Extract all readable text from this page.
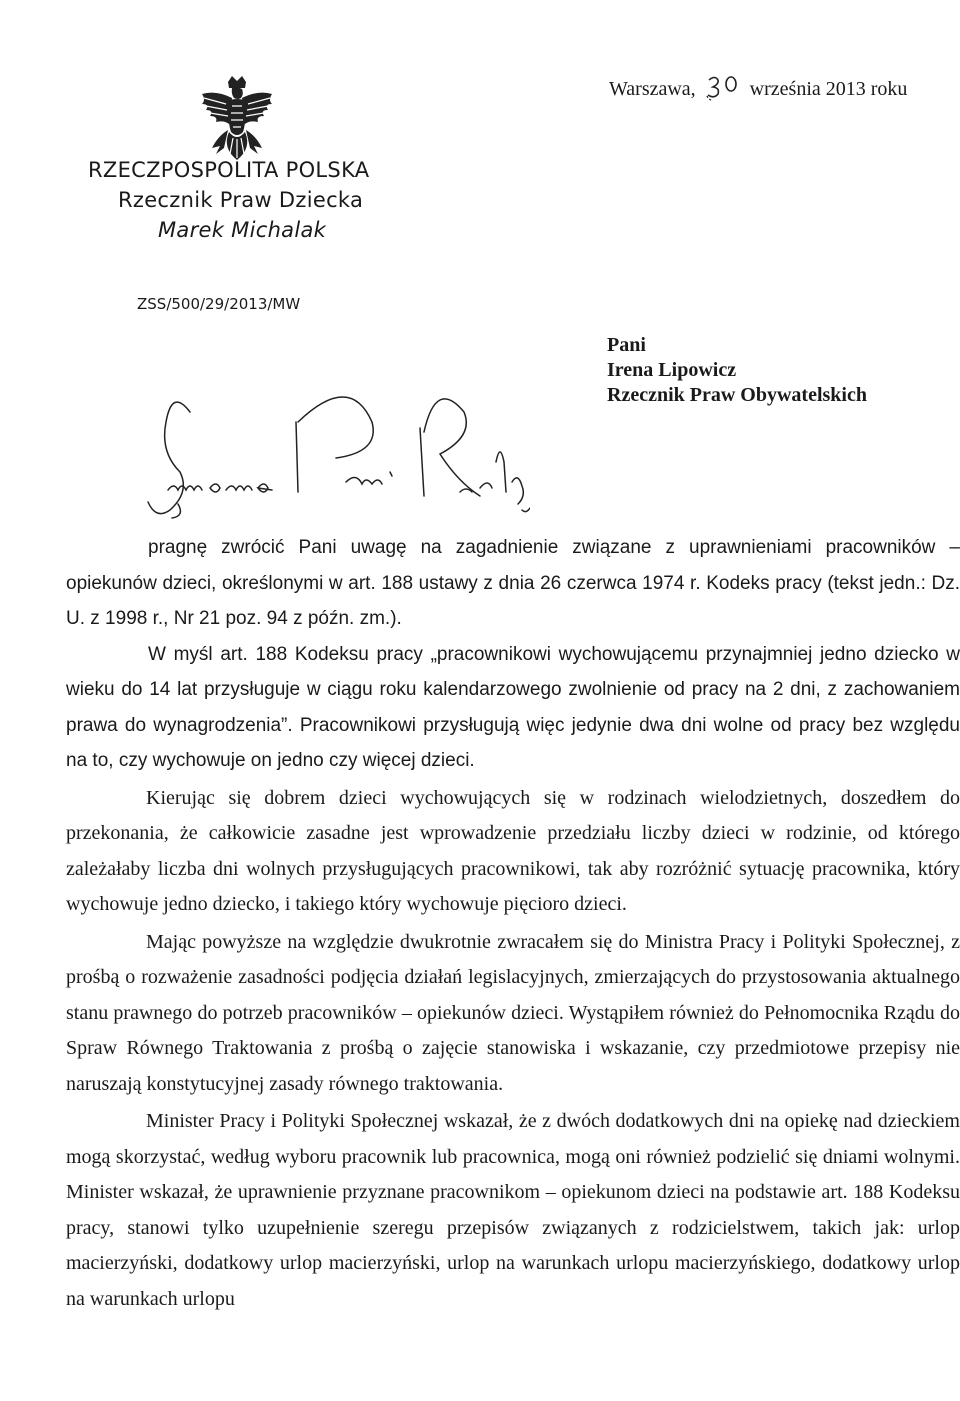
RZECZPOSPOLITA POLSKA
Rzecznik Praw Dziecka
Marek Michalak
Warszawa,	września 2013 roku
ZSS/500/29/2013/MW
Pani
Irena Lipowicz
Rzecznik Praw Obywatelskich

pragnę zwrócić Pani uwagę na zagadnienie związane z uprawnieniami pracowników – opiekunów dzieci, określonymi w art. 188 ustawy z dnia 26 czerwca 1974 r. Kodeks pracy (tekst jedn.: Dz. U. z 1998 r., Nr 21 poz. 94 z późn. zm.).

W myśl art. 188 Kodeksu pracy „pracownikowi wychowującemu przynajmniej jedno dziecko w wieku do 14 lat przysługuje w ciągu roku kalendarzowego zwolnienie od pracy na 2 dni, z zachowaniem prawa do wynagrodzenia”. Pracownikowi przysługują więc jedynie dwa dni wolne od pracy bez względu na to, czy wychowuje on jedno czy więcej dzieci.

Kierując się dobrem dzieci wychowujących się w rodzinach wielodzietnych, doszedłem do przekonania, że całkowicie zasadne jest wprowadzenie przedziału liczby dzieci w rodzinie, od którego zależałaby liczba dni wolnych przysługujących pracownikowi, tak aby rozróżnić sytuację pracownika, który wychowuje jedno dziecko, i takiego który wychowuje pięcioro dzieci.

Mając powyższe na względzie dwukrotnie zwracałem się do Ministra Pracy i Polityki Społecznej, z prośbą o rozważenie zasadności podjęcia działań legislacyjnych, zmierzających do przystosowania aktualnego stanu prawnego do potrzeb pracowników – opiekunów dzieci. Wystąpiłem również do Pełnomocnika Rządu do Spraw Równego Traktowania z prośbą o zajęcie stanowiska i wskazanie, czy przedmiotowe przepisy nie naruszają konstytucyjnej zasady równego traktowania.

Minister Pracy i Polityki Społecznej wskazał, że z dwóch dodatkowych dni na opiekę nad dzieckiem mogą skorzystać, według wyboru pracownik lub pracownica, mogą oni również podzielić się dniami wolnymi. Minister wskazał, że uprawnienie przyznane pracownikom – opiekunom dzieci na podstawie art. 188 Kodeksu pracy, stanowi tylko uzupełnienie szeregu przepisów związanych z rodzicielstwem, takich jak: urlop macierzyński, dodatkowy urlop macierzyński, urlop na warunkach urlopu macierzyńskiego, dodatkowy urlop na warunkach urlopu
